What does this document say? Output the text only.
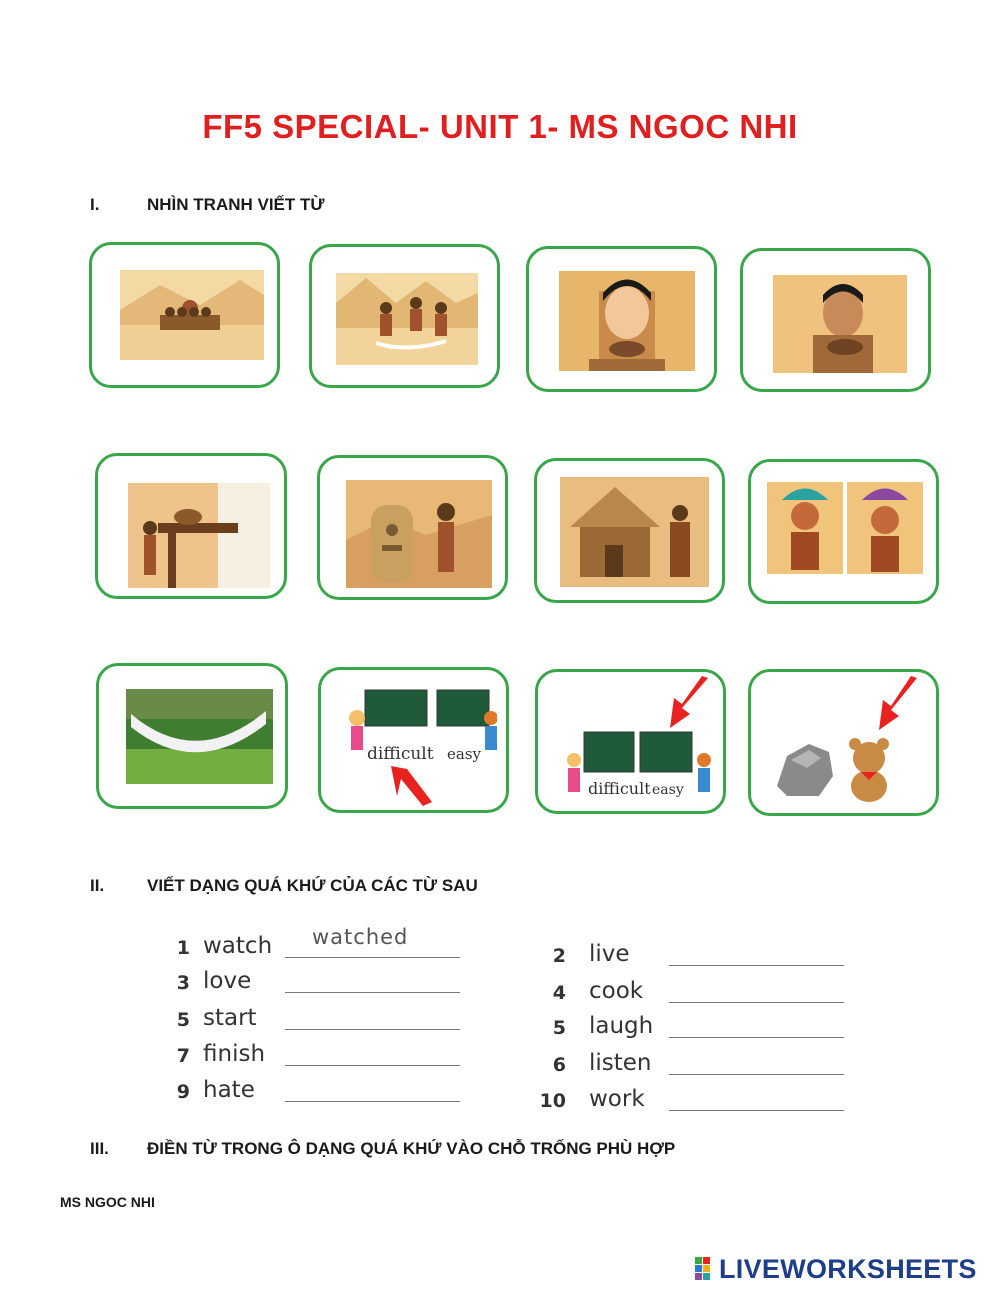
FF5 SPECIAL- UNIT 1- MS NGOC NHI
I.	NHÌN TRANH VIẾT TỪ
difficult easy
difficult easy
II.	VIẾT DẠNG QUÁ KHỨ CỦA CÁC TỪ SAU
1 watch watched
3 love
5 start
7 finish
9 hate
2 live
4 cook
5 laugh
6 listen
10 work
III. ĐIỀN TỪ TRONG Ô DẠNG QUÁ KHỨ VÀO CHỖ TRỐNG PHÙ HỢP
MS NGOC NHI
LIVEWORKSHEETS
